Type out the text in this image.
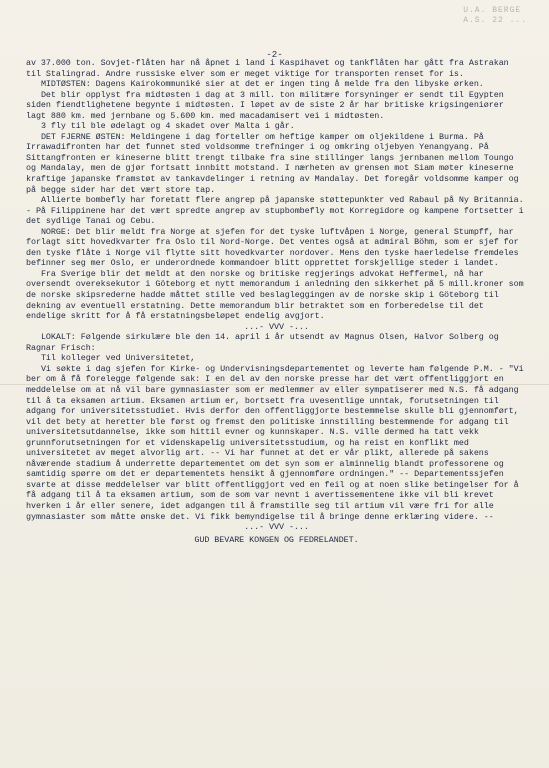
U.A. BERGE
A.S. 22 ...
-2-

av 37.000 ton. Sovjet-flåten har nå åpnet i land i Kaspihavet og tankflåten har gått fra Astrakan til Stalingrad. Andre russiske elver som er meget viktige for transporten renset for is.

MIDTØSTEN: Dagens Kairokommuniké sier at det er ingen ting å melde fra den libyske ørken.

Det blir opplyst fra midtøsten i dag at 3 mill. ton militære forsyninger er sendt til Egypten siden fiendtlighetene begynte i midtøsten. I løpet av de siste 2 år har britiske krigsingeniører lagt 880 km. med jernbane og 5.600 km. med macadamisert vei i midtøsten.

3 fly til ble ødelagt og 4 skadet over Malta i går.

DET FJERNE ØSTEN: Meldingene i dag forteller om heftige kamper om oljekildene i Burma. På Irrawadifronten har det funnet sted voldsomme trefninger i og omkring oljebyen Yenangyang. På Sittangfronten er kineserne blitt trengt tilbake fra sine stillinger langs jernbanen mellom Toungo og Mandalay, men de gjør fortsatt innbitt motstand. I nærheten av grensen mot Siam møter kineserne kraftige japanske framstøt av tankavdelinger i retning av Mandalay. Det foregår voldsomme kamper og på begge sider har det vært store tap.

Allierte bombefly har foretatt flere angrep på japanske støttepunkter ved Rabaul på Ny Britannia. - På Filippinene har det vært spredte angrep av stupbombefly mot Korregidore og kampene fortsetter i det sydlige Tanai og Cebu.

NORGE: Det blir meldt fra Norge at sjefen for det tyske luftvåpen i Norge, general Stumpff, har forlagt sitt hovedkvarter fra Oslo til Nord-Norge. Det ventes også at admiral Böhm, som er sjef for den tyske flåte i Norge vil flytte sitt hovedkvarter nordover. Mens den tyske haerledelse fremdeles befinner seg mer Oslo, er underordnede kommandoer blitt opprettet forskjellige steder i landet.

Fra Sverige blir det meldt at den norske og britiske regjerings advokat Heffermel, nå har oversendt overeksekutor i Göteborg et nytt memorandum i anledning den sikkerhet på 5 mill.kroner som de norske skipsrederne hadde måttet stille ved beslagleggingen av de norske skip i Göteborg til dekning av eventuell erstatning. Dette memorandum blir betraktet som en forberedelse til det endelige skritt for å få erstatningsbeløpet endelig avgjort.

...- VVV -...

LOKALT: Følgende sirkulære ble den 14. april i år utsendt av Magnus Olsen, Halvor Solberg og Ragnar Frisch:

Til kolleger ved Universitetet,

Vi søkte i dag sjefen for Kirke- og Undervisningsdepartementet og leverte ham følgende P.M. - "Vi ber om å få forelegge følgende sak: I en del av den norske presse har det vært offentliggjort en meddelelse om at nå vil bare gymnasiaster som er medlemmer av eller sympatiserer med N.S. få adgang til å ta eksamen artium. Eksamen artium er, bortsett fra uvesentlige unntak, forutsetningen til adgang for universitetsstudiet. Hvis derfor den offentliggjorte bestemmelse skulle bli gjennomført, vil det bety at heretter ble først og fremst den politiske innstilling bestemmende for adgang til universitetsutdannelse, ikke som hittil evner og kunnskaper. N.S. ville dermed ha tatt vekk grunnforutsetningen for et videnskapelig universitetsstudium, og ha reist en konflikt med universitetet av meget alvorlig art. -- Vi har funnet at det er vår plikt, allerede på sakens nåværende stadium å underrette departementet om det syn som er alminnelig blandt professorene og samtidig spørre om det er departementets hensikt å gjennomføre ordningen." -- Departementssjefen svarte at disse meddelelser var blitt offentliggjort ved en feil og at noen slike betingelser for å få adgang til å ta eksamen artium, som de som var nevnt i avertissementene ikke vil bli krevet hverken i år eller senere, idet adgangen til å framstille seg til artium vil være fri for alle gymnasiaster som måtte ønske det. Vi fikk bemyndigelse til å bringe denne erklæring videre. --

...- VVV -...

GUD BEVARE KONGEN OG FEDRELANDET.
